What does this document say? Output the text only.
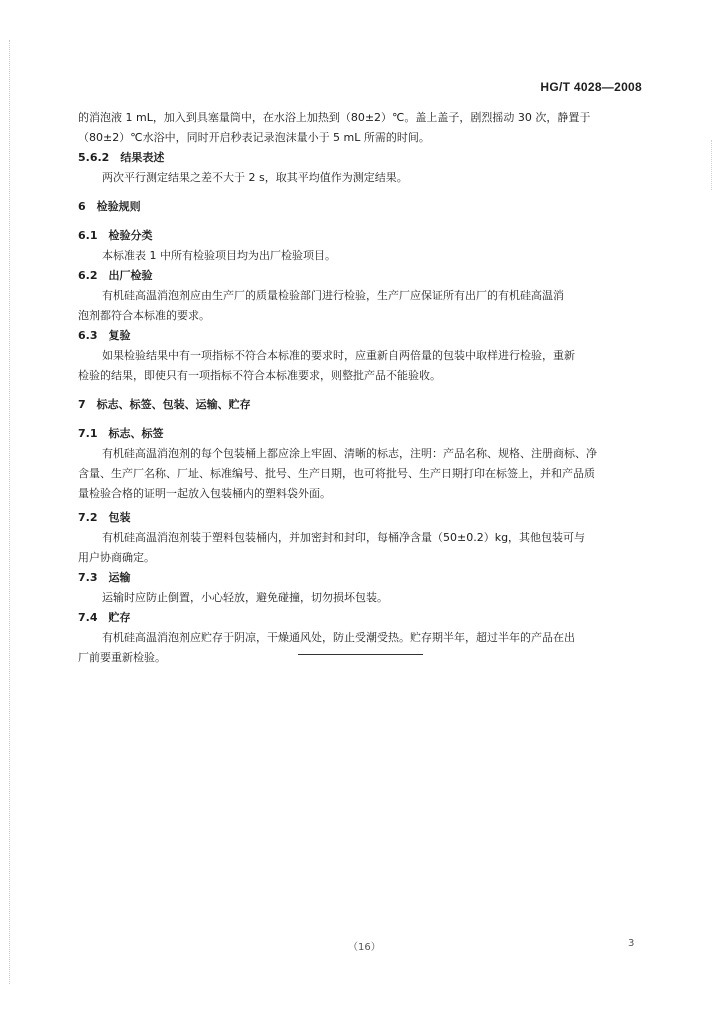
HG/T 4028—2008
的消泡液 1 mL，加入到具塞量筒中，在水浴上加热到（80±2）℃。盖上盖子，剧烈摇动 30 次，静置于
（80±2）℃水浴中，同时开启秒表记录泡沫量小于 5 mL 所需的时间。
5.6.2　结果表述
两次平行测定结果之差不大于 2 s，取其平均值作为测定结果。
6　检验规则
6.1　检验分类
本标准表 1 中所有检验项目均为出厂检验项目。
6.2　出厂检验
有机硅高温消泡剂应由生产厂的质量检验部门进行检验，生产厂应保证所有出厂的有机硅高温消
泡剂都符合本标准的要求。
6.3　复验
如果检验结果中有一项指标不符合本标准的要求时，应重新自两倍量的包装中取样进行检验，重新
检验的结果，即使只有一项指标不符合本标准要求，则整批产品不能验收。
7　标志、标签、包装、运输、贮存
7.1　标志、标签
有机硅高温消泡剂的每个包装桶上都应涂上牢固、清晰的标志，注明：产品名称、规格、注册商标、净
含量、生产厂名称、厂址、标准编号、批号、生产日期，也可将批号、生产日期打印在标签上，并和产品质
量检验合格的证明一起放入包装桶内的塑料袋外面。
7.2　包装
有机硅高温消泡剂装于塑料包装桶内，并加密封和封印，每桶净含量（50±0.2）kg，其他包装可与
用户协商确定。
7.3　运输
运输时应防止倒置，小心轻放，避免碰撞，切勿损坏包装。
7.4　贮存
有机硅高温消泡剂应贮存于阴凉，干燥通风处，防止受潮受热。贮存期半年，超过半年的产品在出
厂前要重新检验。
（16）	3
